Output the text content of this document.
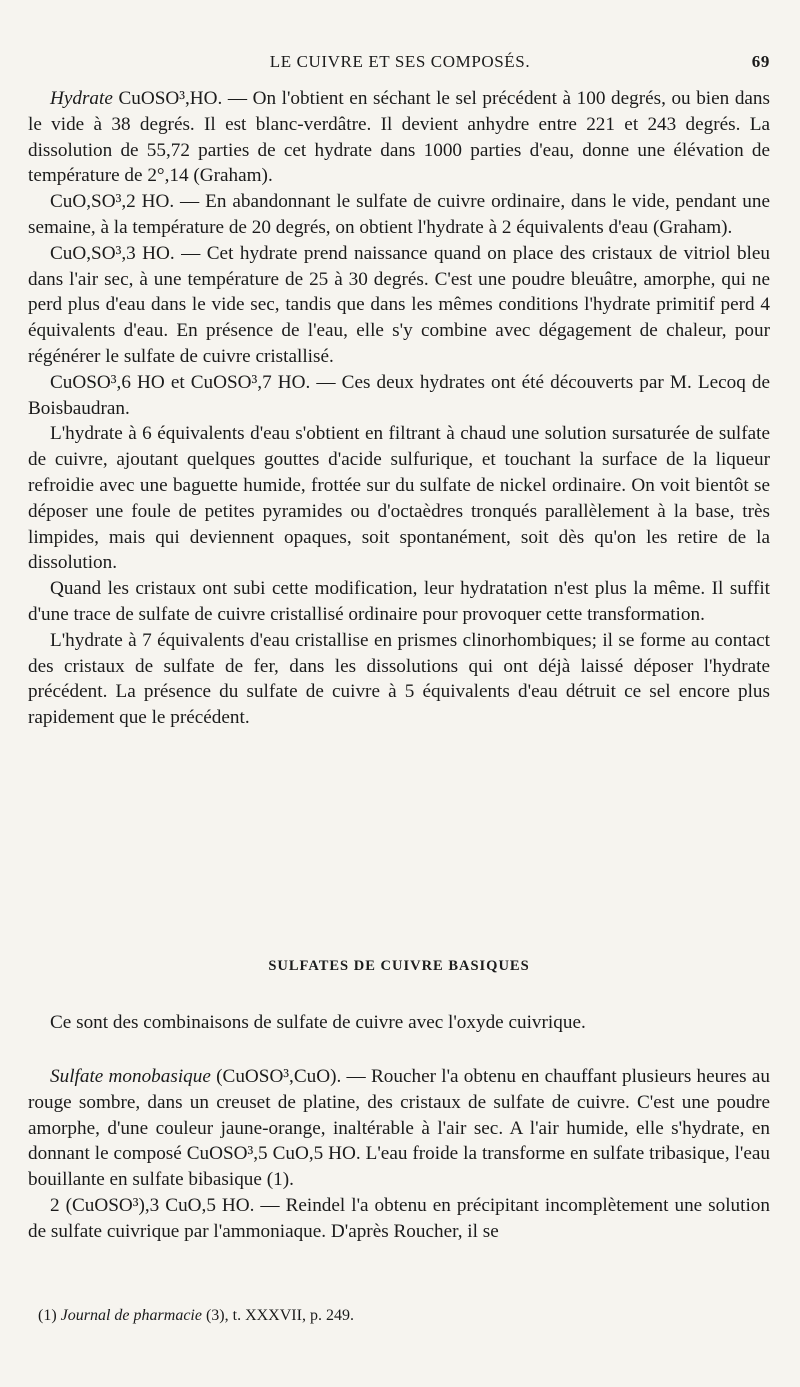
LE CUIVRE ET SES COMPOSÉS.	69

Hydrate CuOSO³,HO. — On l'obtient en séchant le sel précédent à 100 degrés, ou bien dans le vide à 38 degrés. Il est blanc-verdâtre. Il devient anhydre entre 221 et 243 degrés. La dissolution de 55,72 parties de cet hydrate dans 1000 parties d'eau, donne une élévation de température de 2°,14 (Graham).

CuO,SO³,2 HO. — En abandonnant le sulfate de cuivre ordinaire, dans le vide, pendant une semaine, à la température de 20 degrés, on obtient l'hydrate à 2 équivalents d'eau (Graham).

CuO,SO³,3 HO. — Cet hydrate prend naissance quand on place des cristaux de vitriol bleu dans l'air sec, à une température de 25 à 30 degrés. C'est une poudre bleuâtre, amorphe, qui ne perd plus d'eau dans le vide sec, tandis que dans les mêmes conditions l'hydrate primitif perd 4 équivalents d'eau. En présence de l'eau, elle s'y combine avec dégagement de chaleur, pour régénérer le sulfate de cuivre cristallisé.

CuOSO³,6 HO et CuOSO³,7 HO. — Ces deux hydrates ont été découverts par M. Lecoq de Boisbaudran.

L'hydrate à 6 équivalents d'eau s'obtient en filtrant à chaud une solution sursaturée de sulfate de cuivre, ajoutant quelques gouttes d'acide sulfurique, et touchant la surface de la liqueur refroidie avec une baguette humide, frottée sur du sulfate de nickel ordinaire. On voit bientôt se déposer une foule de petites pyramides ou d'octaèdres tronqués parallèlement à la base, très limpides, mais qui deviennent opaques, soit spontanément, soit dès qu'on les retire de la dissolution.

Quand les cristaux ont subi cette modification, leur hydratation n'est plus la même. Il suffit d'une trace de sulfate de cuivre cristallisé ordinaire pour provoquer cette transformation.

L'hydrate à 7 équivalents d'eau cristallise en prismes clinorhombiques; il se forme au contact des cristaux de sulfate de fer, dans les dissolutions qui ont déjà laissé déposer l'hydrate précédent. La présence du sulfate de cuivre à 5 équivalents d'eau détruit ce sel encore plus rapidement que le précédent.

SULFATES DE CUIVRE BASIQUES

Ce sont des combinaisons de sulfate de cuivre avec l'oxyde cuivrique.

Sulfate monobasique (CuOSO³,CuO). — Roucher l'a obtenu en chauffant plusieurs heures au rouge sombre, dans un creuset de platine, des cristaux de sulfate de cuivre. C'est une poudre amorphe, d'une couleur jaune-orange, inaltérable à l'air sec. A l'air humide, elle s'hydrate, en donnant le composé CuOSO³,5 CuO,5 HO. L'eau froide la transforme en sulfate tribasique, l'eau bouillante en sulfate bibasique (1).

2 (CuOSO³),3 CuO,5 HO. — Reindel l'a obtenu en précipitant incomplètement une solution de sulfate cuivrique par l'ammoniaque. D'après Roucher, il se

(1) Journal de pharmacie (3), t. XXXVII, p. 249.
